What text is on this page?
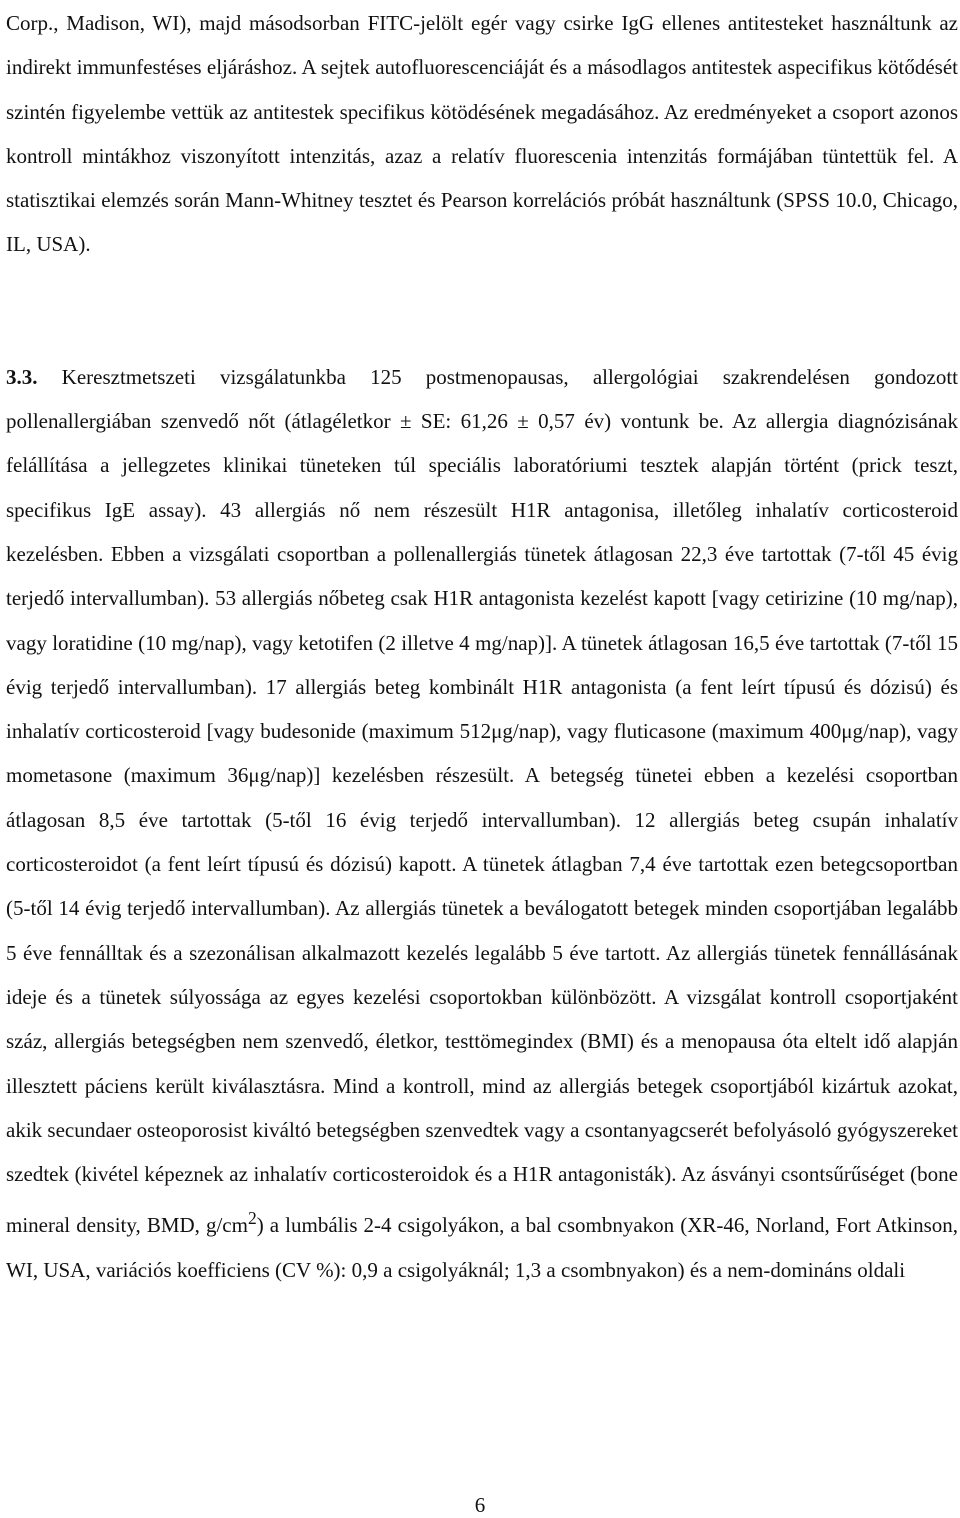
Corp., Madison, WI), majd másodsorban FITC-jelölt egér vagy csirke IgG ellenes antitesteket használtunk az indirekt immunfestéses eljáráshoz. A sejtek autofluorescenciáját és a másodlagos antitestek aspecifikus kötődését szintén figyelembe vettük az antitestek specifikus kötödésének megadásához. Az eredményeket a csoport azonos kontroll mintákhoz viszonyított intenzitás, azaz a relatív fluorescenia intenzitás formájában tüntettük fel. A statisztikai elemzés során Mann-Whitney tesztet és Pearson korrelációs próbát használtunk (SPSS 10.0, Chicago, IL, USA).

3.3. Keresztmetszeti vizsgálatunkba 125 postmenopausas, allergológiai szakrendelésen gondozott pollenallergiában szenvedő nőt (átlagéletkor ± SE: 61,26 ± 0,57 év) vontunk be. Az allergia diagnózisának felállítása a jellegzetes klinikai tüneteken túl speciális laboratóriumi tesztek alapján történt (prick teszt, specifikus IgE assay). 43 allergiás nő nem részesült H1R antagonisa, illetőleg inhalatív corticosteroid kezelésben. Ebben a vizsgálati csoportban a pollenallergiás tünetek átlagosan 22,3 éve tartottak (7-től 45 évig terjedő intervallumban). 53 allergiás nőbeteg csak H1R antagonista kezelést kapott [vagy cetirizine (10 mg/nap), vagy loratidine (10 mg/nap), vagy ketotifen (2 illetve 4 mg/nap)]. A tünetek átlagosan 16,5 éve tartottak (7-től 15 évig terjedő intervallumban). 17 allergiás beteg kombinált H1R antagonista (a fent leírt típusú és dózisú) és inhalatív corticosteroid [vagy budesonide (maximum 512μg/nap), vagy fluticasone (maximum 400μg/nap), vagy mometasone (maximum 36μg/nap)] kezelésben részesült. A betegség tünetei ebben a kezelési csoportban átlagosan 8,5 éve tartottak (5-től 16 évig terjedő intervallumban). 12 allergiás beteg csupán inhalatív corticosteroidot (a fent leírt típusú és dózisú) kapott. A tünetek átlagban 7,4 éve tartottak ezen betegcsoportban (5-től 14 évig terjedő intervallumban). Az allergiás tünetek a beválogatott betegek minden csoportjában legalább 5 éve fennálltak és a szezonálisan alkalmazott kezelés legalább 5 éve tartott. Az allergiás tünetek fennállásának ideje és a tünetek súlyossága az egyes kezelési csoportokban különbözött. A vizsgálat kontroll csoportjaként száz, allergiás betegségben nem szenvedő, életkor, testtömegindex (BMI) és a menopausa óta eltelt idő alapján illesztett páciens került kiválasztásra. Mind a kontroll, mind az allergiás betegek csoportjából kizártuk azokat, akik secundaer osteoporosist kiváltó betegségben szenvedtek vagy a csontanyagcserét befolyásoló gyógyszereket szedtek (kivétel képeznek az inhalatív corticosteroidok és a H1R antagonisták). Az ásványi csontsűrűséget (bone mineral density, BMD, $g/cm^2$) a lumbális 2-4 csigolyákon, a bal csombnyakon (XR-46, Norland, Fort Atkinson, WI, USA, variációs koefficiens (CV %): 0,9 a csigolyáknál; 1,3 a csombnyakon) és a nem-domináns oldali

6
